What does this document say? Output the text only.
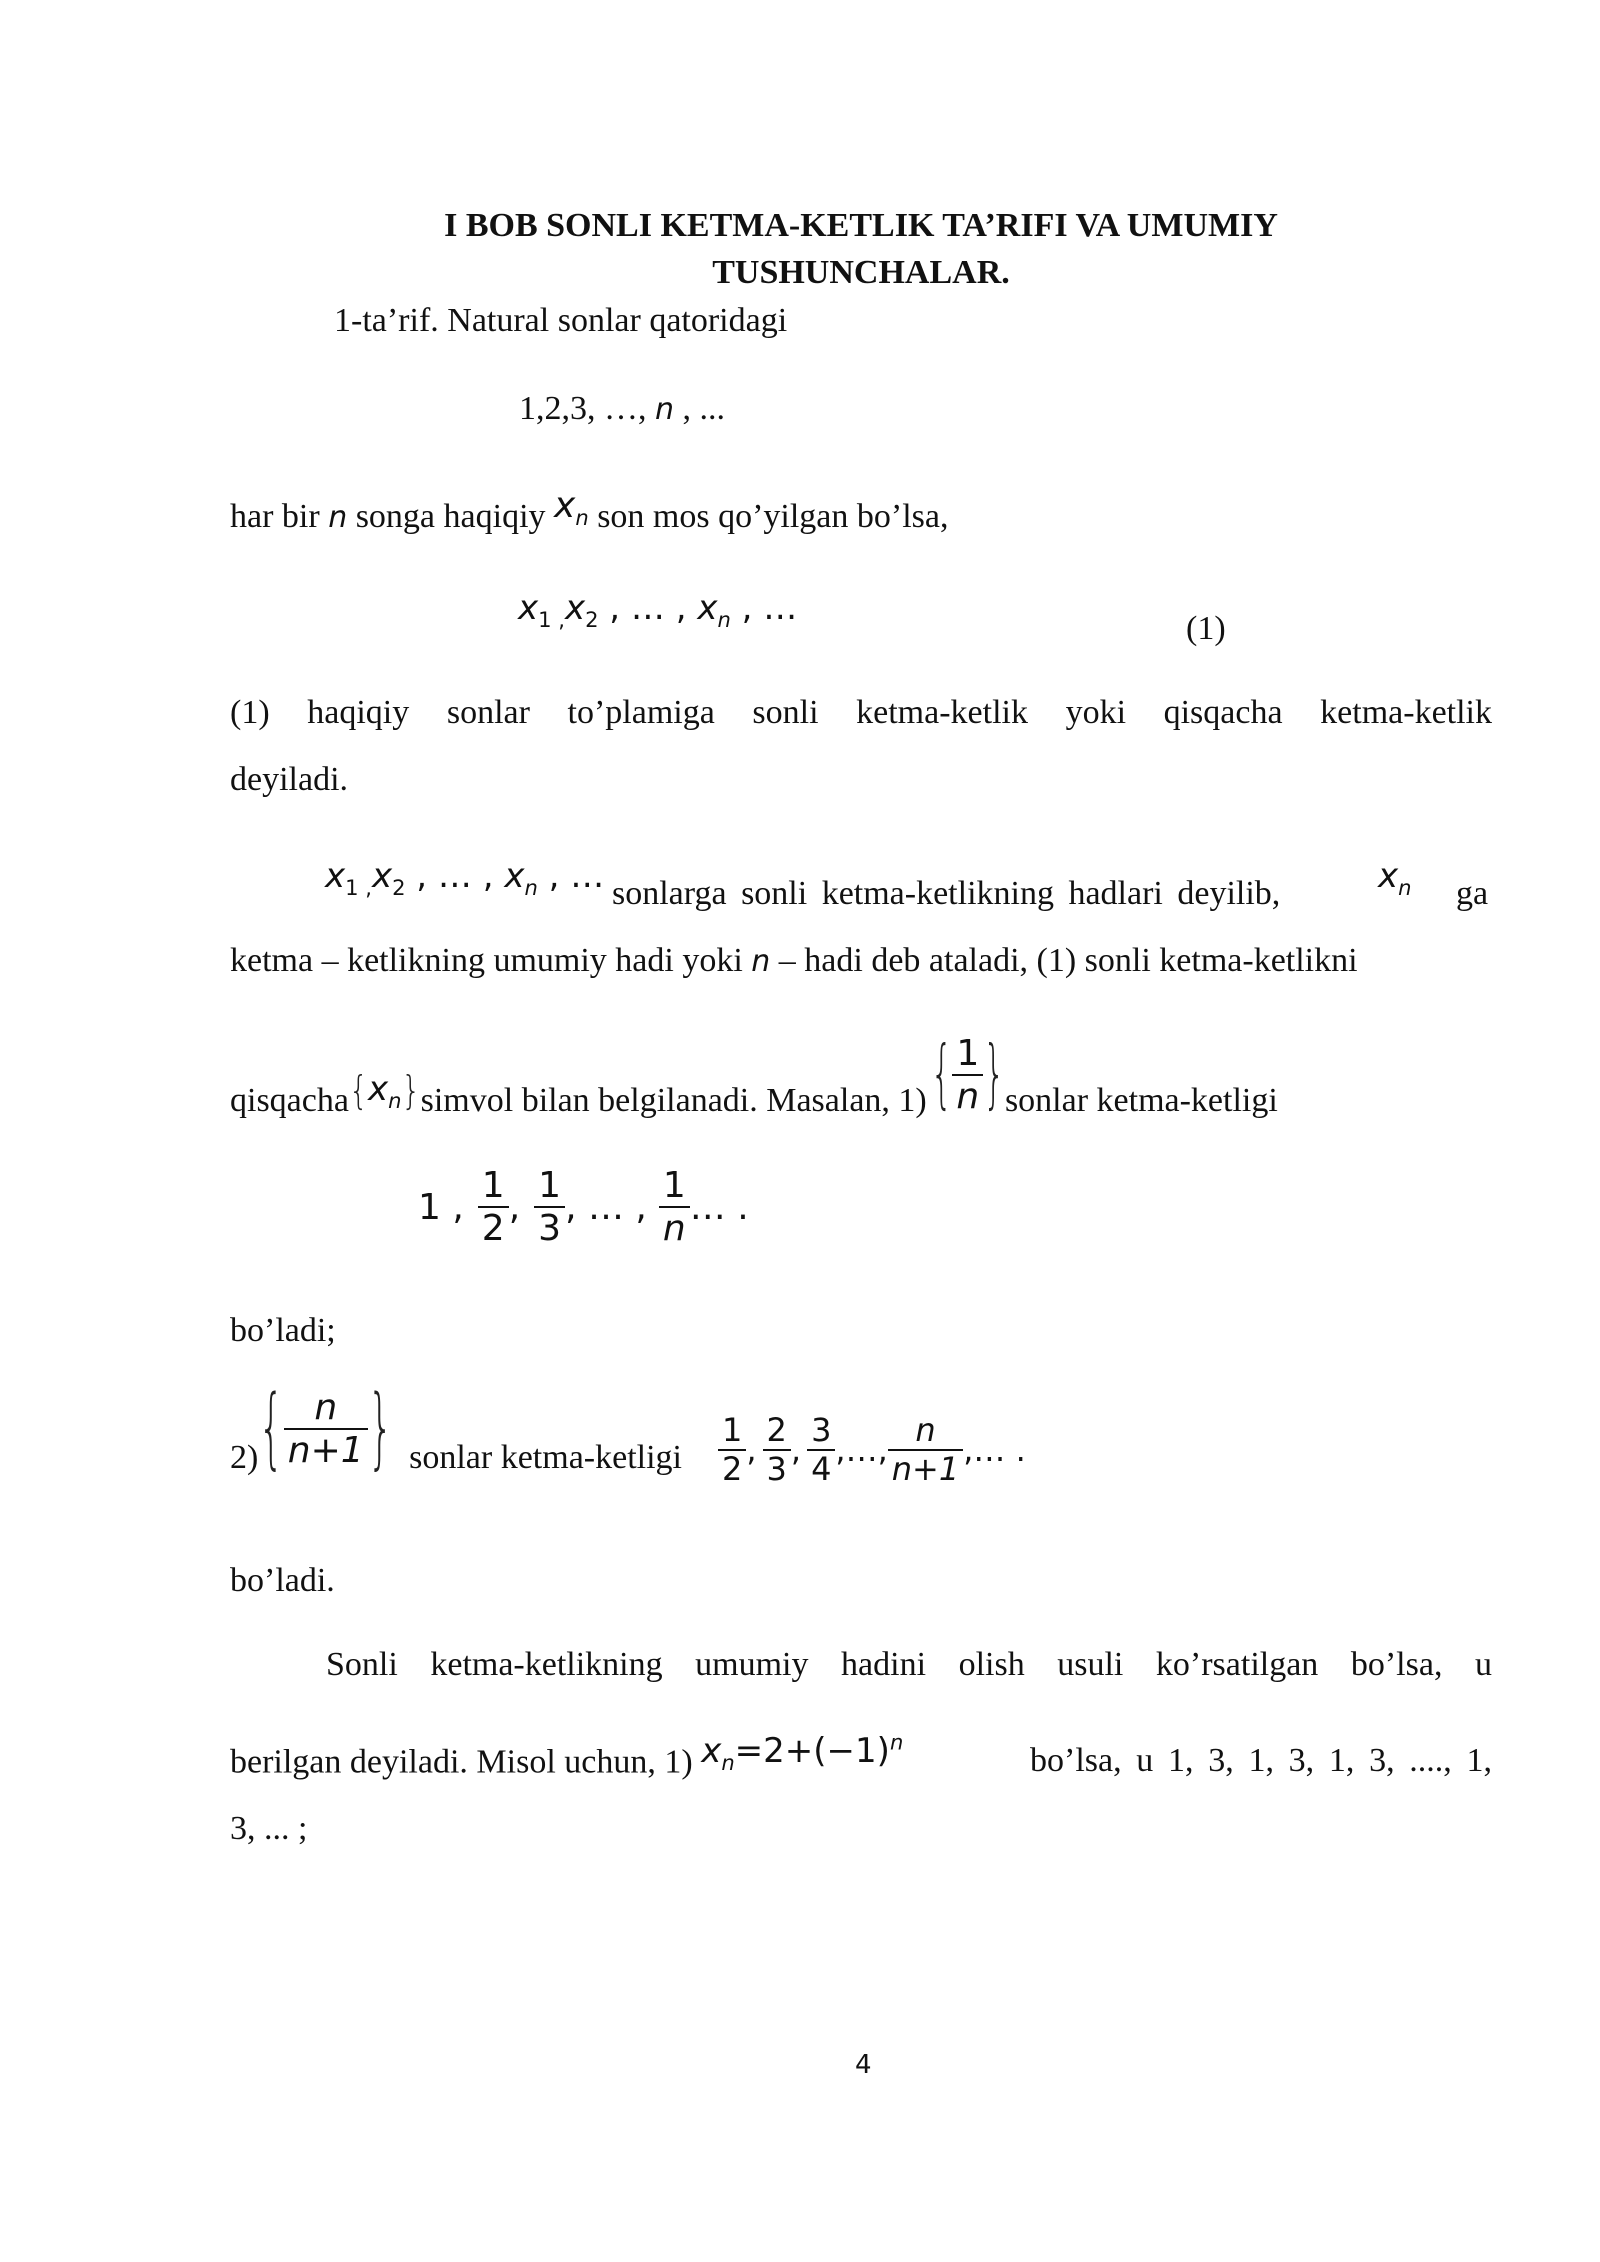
I BOB SONLI KETMA-KETLIK TA’RIFI VA UMUMIY
TUSHUNCHALAR.
1-ta’rif. Natural sonlar qatoridagi
1,2,3, …, n , ...
har bir n songa haqiqiy $x_n$ son mos qo’yilgan bo’lsa,
$x_{1 ,}x_2$ , … , $x_n$ , …
(1)
(1) haqiqiy sonlar to’plamiga sonli ketma-ketlik yoki qisqacha ketma-ketlik
deyiladi.
$x_{1 ,}x_2$ , … , $x_n$ , … sonlarga sonli ketma-ketlikning hadlari deyilib,	$x_n$ ga
ketma – ketlikning umumiy hadi yoki n – hadi deb ataladi, (1) sonli ketma-ketlikni
qisqacha $\{x_n\}$ simvol bilan belgilanadi. Masalan, 1) { $\frac{1}{n}$ } sonlar ketma-ketligi
1 , $\frac{1}{2}$ , $\frac{1}{3}$ , … , $\frac{1}{n}$ … .
bo’ladi;
2) { $\frac{n}{n+1}$ } sonlar ketma-ketligi $\frac{1}{2}$ , $\frac{2}{3}$ , $\frac{3}{4}$ ,…, $\frac{n}{n+1}$ ,… .
bo’ladi.
Sonli ketma-ketlikning umumiy hadini olish usuli ko’rsatilgan bo’lsa, u
berilgan deyiladi. Misol uchun, 1) $x_n=2+(-1)^n$	bo’lsa, u 1, 3, 1, 3, 1, 3, ...., 1,
3, ... ;
4
